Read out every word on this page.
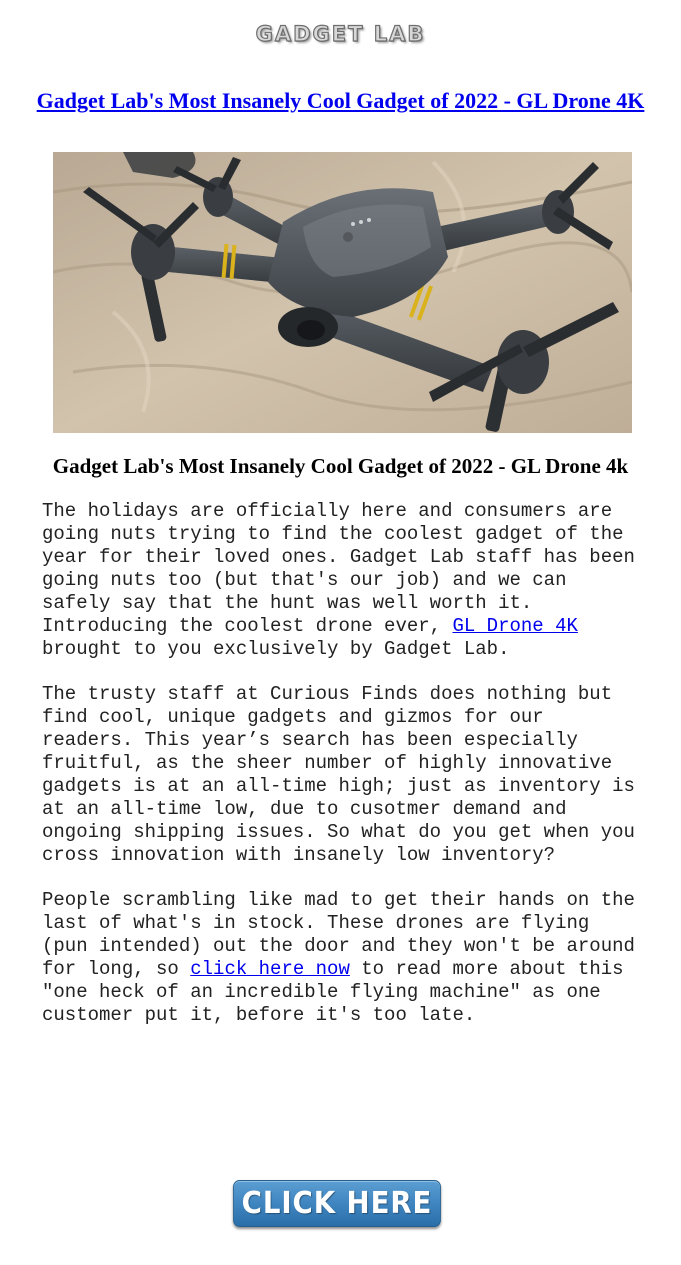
GADGET LAB
Gadget Lab's Most Insanely Cool Gadget of 2022 - GL Drone 4K
Gadget Lab's Most Insanely Cool Gadget of 2022 - GL Drone 4k

The holidays are officially here and consumers are going nuts trying to find the coolest gadget of the year for their loved ones. Gadget Lab staff has been going nuts too (but that's our job) and we can safely say that the hunt was well worth it. Introducing the coolest drone ever, GL Drone 4K brought to you exclusively by Gadget Lab.

The trusty staff at Curious Finds does nothing but find cool, unique gadgets and gizmos for our readers. This year’s search has been especially fruitful, as the sheer number of highly innovative gadgets is at an all-time high; just as inventory is at an all-time low, due to cusotmer demand and ongoing shipping issues. So what do you get when you cross innovation with insanely low inventory?

People scrambling like mad to get their hands on the last of what's in stock. These drones are flying (pun intended) out the door and they won't be around for long, so click here now to read more about this "one heck of an incredible flying machine" as one customer put it, before it's too late.

CLICK HERE
